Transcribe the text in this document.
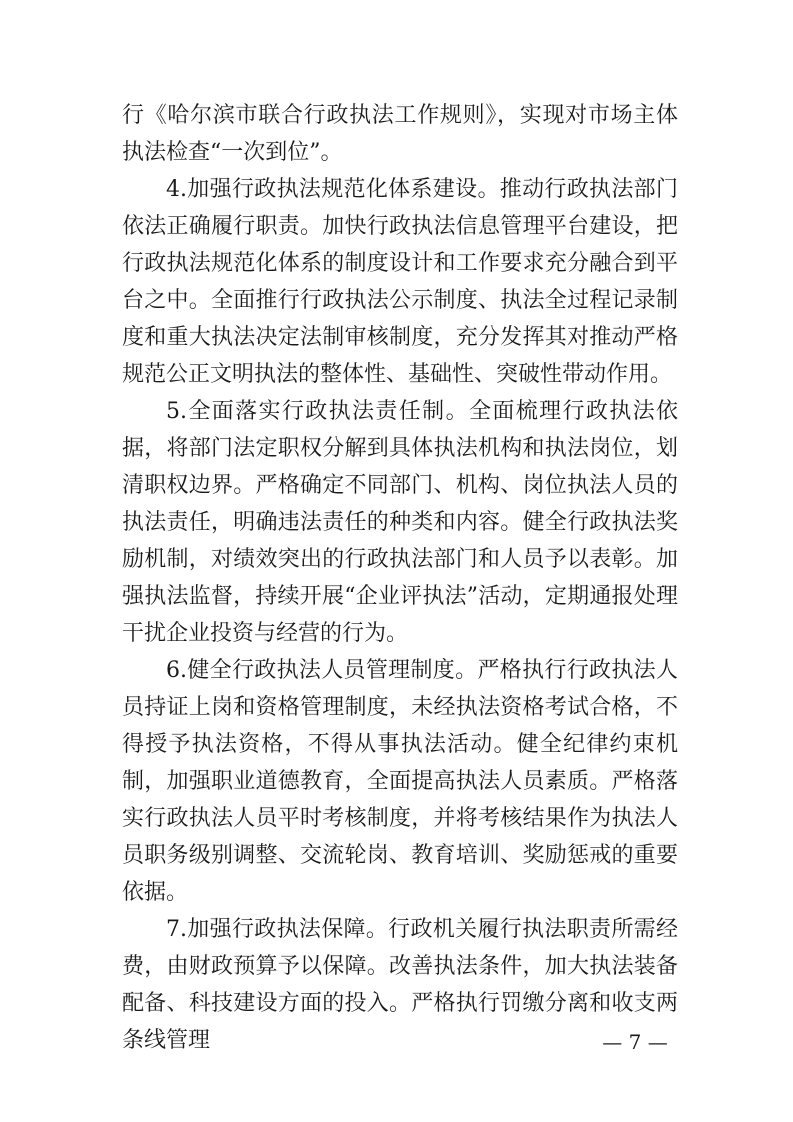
行《哈尔滨市联合行政执法工作规则》，实现对市场主体执法检查“一次到位”。

4.加强行政执法规范化体系建设。推动行政执法部门依法正确履行职责。加快行政执法信息管理平台建设，把行政执法规范化体系的制度设计和工作要求充分融合到平台之中。全面推行行政执法公示制度、执法全过程记录制度和重大执法决定法制审核制度，充分发挥其对推动严格规范公正文明执法的整体性、基础性、突破性带动作用。

5.全面落实行政执法责任制。全面梳理行政执法依据，将部门法定职权分解到具体执法机构和执法岗位，划清职权边界。严格确定不同部门、机构、岗位执法人员的执法责任，明确违法责任的种类和内容。健全行政执法奖励机制，对绩效突出的行政执法部门和人员予以表彰。加强执法监督，持续开展“企业评执法”活动，定期通报处理干扰企业投资与经营的行为。

6.健全行政执法人员管理制度。严格执行行政执法人员持证上岗和资格管理制度，未经执法资格考试合格，不得授予执法资格，不得从事执法活动。健全纪律约束机制，加强职业道德教育，全面提高执法人员素质。严格落实行政执法人员平时考核制度，并将考核结果作为执法人员职务级别调整、交流轮岗、教育培训、奖励惩戒的重要依据。

7.加强行政执法保障。行政机关履行执法职责所需经费，由财政预算予以保障。改善执法条件，加大执法装备配备、科技建设方面的投入。严格执行罚缴分离和收支两条线管理	— 7 —
